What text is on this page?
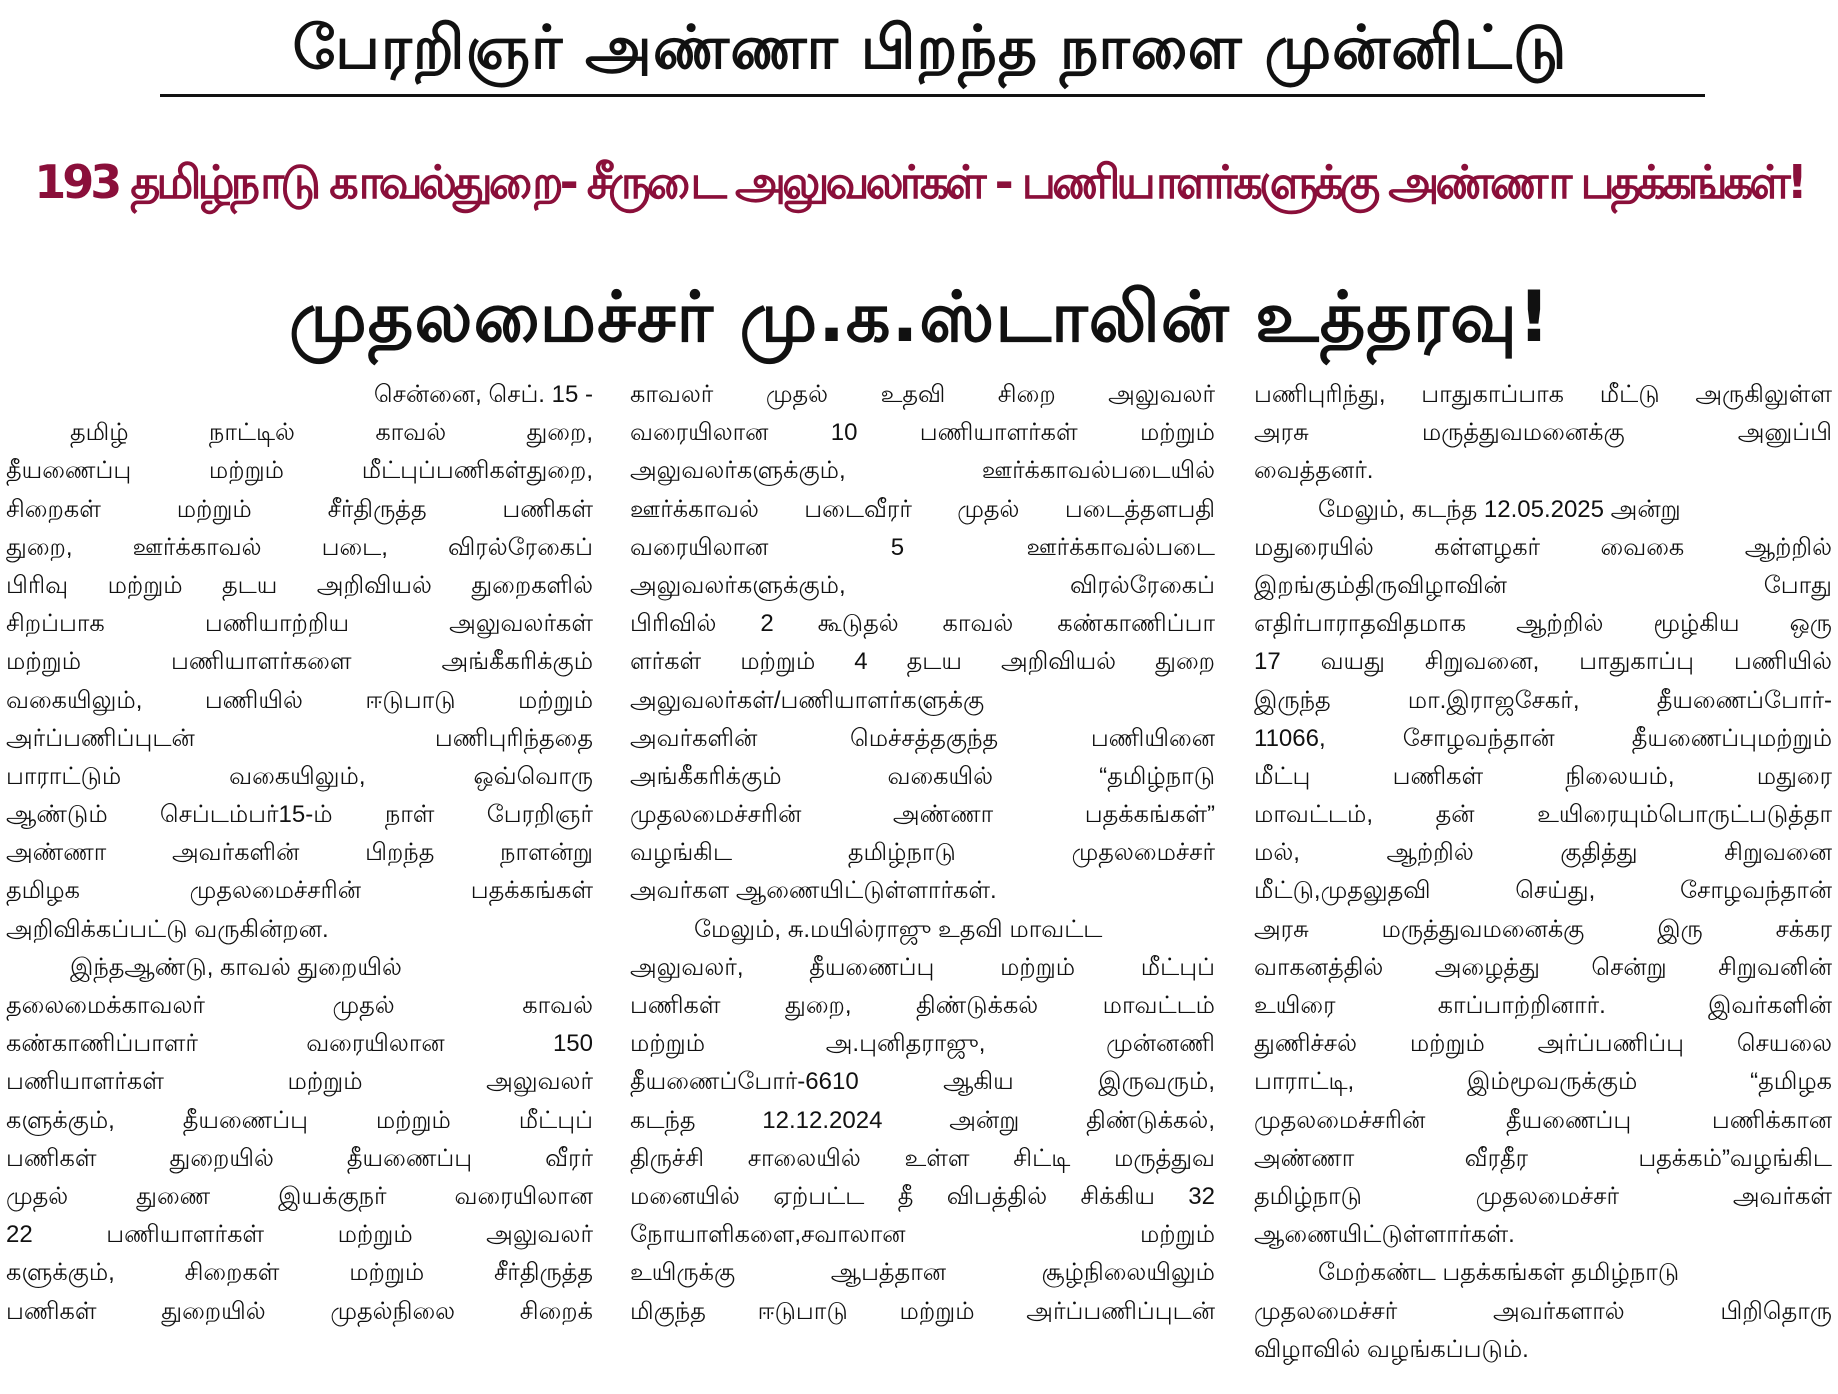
பேரறிஞர் அண்ணா பிறந்த நாளை முன்னிட்டு
193 தமிழ்நாடு காவல்துறை- சீருடை அலுவலர்கள் - பணியாளர்களுக்கு அண்ணா பதக்கங்கள்!
முதலமைச்சர் மு.க.ஸ்டாலின் உத்தரவு!
சென்னை, செப். 15 -
தமிழ் நாட்டில் காவல் துறை,
தீயணைப்பு மற்றும் மீட்புப்பணிகள்துறை,
சிறைகள் மற்றும் சீர்திருத்த பணிகள்
துறை, ஊர்க்காவல் படை, விரல்ரேகைப்
பிரிவு மற்றும் தடய அறிவியல் துறைகளில்
சிறப்பாக பணியாற்றிய அலுவலர்கள்
மற்றும் பணியாளர்களை அங்கீகரிக்கும்
வகையிலும், பணியில் ஈடுபாடு மற்றும்
அர்ப்பணிப்புடன் பணிபுரிந்ததை
பாராட்டும் வகையிலும், ஒவ்வொரு
ஆண்டும் செப்டம்பர்15-ம் நாள் பேரறிஞர்
அண்ணா அவர்களின் பிறந்த நாளன்று
தமிழக முதலமைச்சரின் பதக்கங்கள்
அறிவிக்கப்பட்டு வருகின்றன.
இந்தஆண்டு, காவல் துறையில்
தலைமைக்காவலர் முதல் காவல்
கண்காணிப்பாளர் வரையிலான 150
பணியாளர்கள் மற்றும் அலுவலர்
களுக்கும், தீயணைப்பு மற்றும் மீட்புப்
பணிகள் துறையில் தீயணைப்பு வீரர்
முதல் துணை இயக்குநர் வரையிலான
22 பணியாளர்கள் மற்றும் அலுவலர்
களுக்கும், சிறைகள் மற்றும் சீர்திருத்த
பணிகள் துறையில் முதல்நிலை சிறைக்
காவலர் முதல் உதவி சிறை அலுவலர்
வரையிலான 10 பணியாளர்கள் மற்றும்
அலுவலர்களுக்கும், ஊர்க்காவல்படையில்
ஊர்க்காவல் படைவீரர் முதல் படைத்தளபதி
வரையிலான 5 ஊர்க்காவல்படை
அலுவலர்களுக்கும், விரல்ரேகைப்
பிரிவில் 2 கூடுதல் காவல் கண்காணிப்பா
ளர்கள் மற்றும் 4 தடய அறிவியல் துறை
அலுவலர்கள்/பணியாளர்களுக்கு
அவர்களின் மெச்சத்தகுந்த பணியினை
அங்கீகரிக்கும் வகையில் “தமிழ்நாடு
முதலமைச்சரின் அண்ணா பதக்கங்கள்”
வழங்கிட தமிழ்நாடு முதலமைச்சர்
அவர்கள ஆணையிட்டுள்ளார்கள்.
மேலும், சு.மயில்ராஜு உதவி மாவட்ட
அலுவலர், தீயணைப்பு மற்றும் மீட்புப்
பணிகள் துறை, திண்டுக்கல் மாவட்டம்
மற்றும் அ.புனிதராஜு, முன்னணி
தீயணைப்போர்-6610 ஆகிய இருவரும்,
கடந்த 12.12.2024 அன்று திண்டுக்கல்,
திருச்சி சாலையில் உள்ள சிட்டி மருத்துவ
மனையில் ஏற்பட்ட தீ விபத்தில் சிக்கிய 32
நோயாளிகளை,சவாலான மற்றும்
உயிருக்கு ஆபத்தான சூழ்நிலையிலும்
மிகுந்த ஈடுபாடு மற்றும் அர்ப்பணிப்புடன்
பணிபுரிந்து, பாதுகாப்பாக மீட்டு அருகிலுள்ள
அரசு மருத்துவமனைக்கு அனுப்பி
வைத்தனர்.
மேலும், கடந்த 12.05.2025 அன்று
மதுரையில் கள்ளழகர் வைகை ஆற்றில்
இறங்கும்திருவிழாவின் போது
எதிர்பாராதவிதமாக ஆற்றில் மூழ்கிய ஒரு
17 வயது சிறுவனை, பாதுகாப்பு பணியில்
இருந்த மா.இராஜசேகர், தீயணைப்போர்-
11066, சோழவந்தான் தீயணைப்புமற்றும்
மீட்பு பணிகள் நிலையம், மதுரை
மாவட்டம், தன் உயிரையும்பொருட்படுத்தா
மல், ஆற்றில் குதித்து சிறுவனை
மீட்டு,முதலுதவி செய்து, சோழவந்தான்
அரசு மருத்துவமனைக்கு இரு சக்கர
வாகனத்தில் அழைத்து சென்று சிறுவனின்
உயிரை காப்பாற்றினார். இவர்களின்
துணிச்சல் மற்றும் அர்ப்பணிப்பு செயலை
பாராட்டி, இம்மூவருக்கும் “தமிழக
முதலமைச்சரின் தீயணைப்பு பணிக்கான
அண்ணா வீரதீர பதக்கம்”வழங்கிட
தமிழ்நாடு முதலமைச்சர் அவர்கள்
ஆணையிட்டுள்ளார்கள்.
மேற்கண்ட பதக்கங்கள் தமிழ்நாடு
முதலமைச்சர் அவர்களால் பிறிதொரு
விழாவில் வழங்கப்படும்.
